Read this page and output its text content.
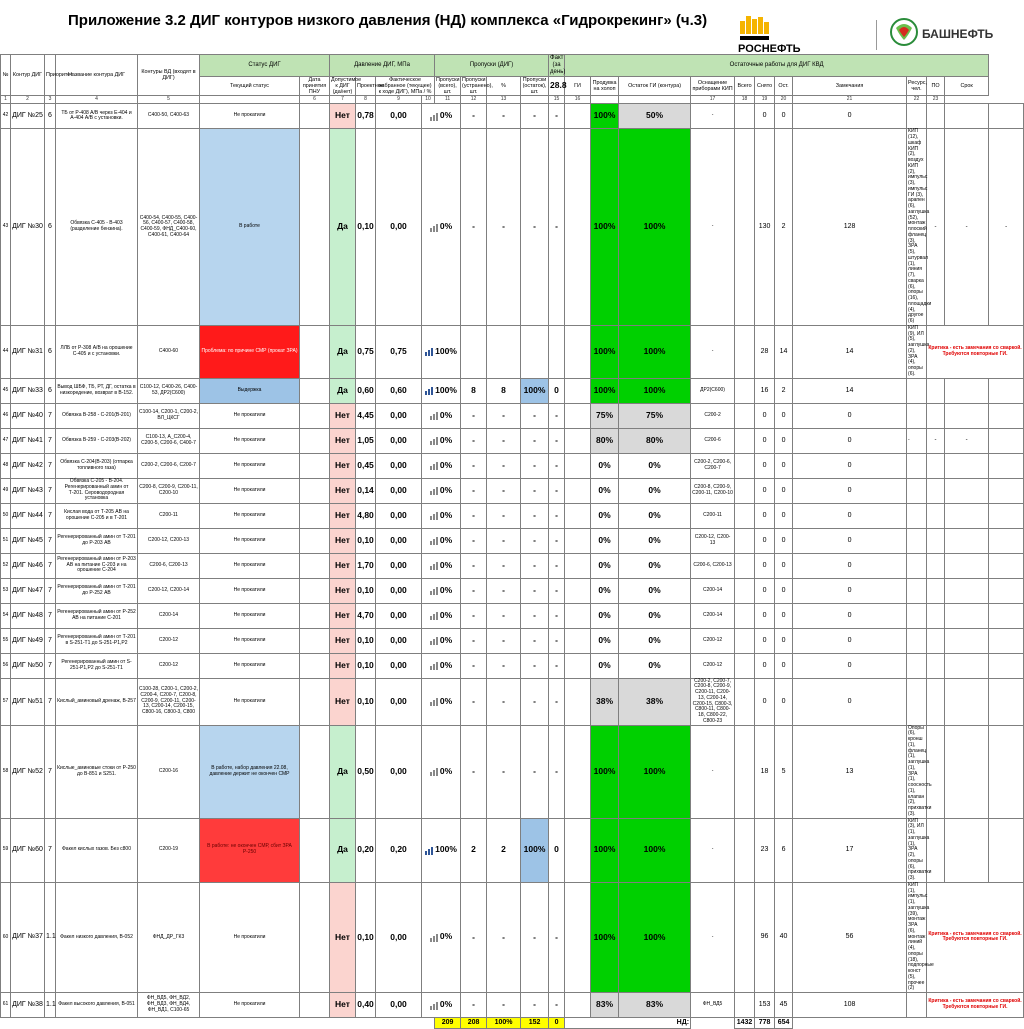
Приложение 3.2 ДИГ контуров низкого давления (НД) комплекса «Гидрокрекинг» (ч.3)
РОСНЕФТЬ
БАШНЕФТЬ
№	Контур ДИГ	Приоритет	Название контура ДИГ	Контуры ВД (входят в ДИГ)	Статус ДИГ		Давление ДИГ, МПа				Пропуски (ДИГ)				Факт (за день)	Остаточные работы для ДИГ КВД											
					Текущий статус	Дата принятия ПНУ	Допустимое к ДИГ (да/нет)	Проектное	Фактическое набранное (текущее) к ходе ДИГ), МПа / %		Пропуски (всего), шт.	Пропуски (устранено), шт.	%	Пропуски (остаток), шт.	28.8	ГИ	Продувка на холоп	Остаток ГИ (контура)	Оснащение приборами КИП	Всего	Снято	Ост.	Замечания	Ресурс, чел.	ПО	Срок	
1	2	3	4	5		6	7	8	9	10	11	12	13		15	16			17	18	19	20	21	22	23		
42	ДИГ №25	6	ТБ от Р-408 А/В через Е-404 и А-404 А/В с установки.	С400-50, С400-63	Не прокатили		Нет	0,78	0,00	0%		-	-	-	-		100%	50%	-		0	0	0				
43	ДИГ №30	6	Обвязка С-405 - В-403 (разделение бензина).	С400-54, С400-55, С400-56, С400-57, С400-58, С400-59, ФНД_С400-60, С400-61, С400-64	В работе		Да	0,10	0,00	0%		-	-	-	-		100%	100%	-		130	2	128	КИП (12), шкаф КИП (2), воздух КИП (2), импульс (3), импульс ГИ (3), арапен (6), заглушка (52), монтаж плоский фланец (3), ЗРА (5), штурвал (1), линия (7), сварка (6), опоры (16), площадки (4), другое (6)	-	-	-
44	ДИГ №31	6	ЛЛБ от Р-308 А/В на орошение С-405 и с установки.	С400-60	Проблема: по причине СМР (прокат ЗРА)		Да	0,75	0,75	100%							100%	100%	-		28	14	14	КИП (9), ИЛ (5), заглушка (2), ЗРА (4), опоры (6).	Критика - есть замечания со сваркой. Требуются повторные ГИ.		
45	ДИГ №33	6	Вывод ШБФ, ТБ, РТ, ДГ, остатка в низкоредение, возврат в В-152.	С100-12, С400-26, С400-53, ДР2(С600)	Выдержка		Да	0,60	0,60	100%		8	8	100%	0		100%	100%	ДР2(С600)		16	2	14				
46	ДИГ №40	7	Обвязка В-258 - С-201(В-201)	С100-14, С200-1, С200-2, ВЛ_ЦКСГ	Не прокатили		Нет	4,45	0,00	0%		-	-	-	-		75%	75%	С200-2		0	0	0				
47	ДИГ №41	7	Обвязка В-259 - С-203(В-202)	С100-13, А_С200-4, С200-5, С200-6, С400-7	Не прокатили		Нет	1,05	0,00	0%		-	-	-	-		80%	80%	С200-6		0	0	0	-	-	-	
48	ДИГ №42	7	Обвязка С-204(В-203) (отпарка топливного газа)	С200-2, С200-6, С200-7	Не прокатили		Нет	0,45	0,00	0%		-	-	-	-		0%	0%	С200-2, С200-6, С200-7		0	0	0				
49	ДИГ №43	7	Обвязка С-205 - В-204. Регенерированный амин от Т-201. Сероводородная установка	С200-8, С200-9, С200-11, С200-10	Не прокатили		Нет	0,14	0,00	0%		-	-	-	-		0%	0%	С200-8, С200-9, С200-11, С200-10		0	0	0				
50	ДИГ №44	7	Кислая вода от Т-205 АВ на орошение С-205 и в Т-201	С200-11	Не прокатили		Нет	4,80	0,00	0%		-	-	-	-		0%	0%	С200-11		0	0	0				
51	ДИГ №45	7	Регенерированный амин от Т-201 до Р-203 АВ	С200-12, С200-13	Не прокатили		Нет	0,10	0,00	0%		-	-	-	-		0%	0%	С200-12, С200-13		0	0	0				
52	ДИГ №46	7	Регенерированный амин от Р-203 АВ на питание С-203 и на орошение С-204	С200-6, С200-13	Не прокатили		Нет	1,70	0,00	0%		-	-	-	-		0%	0%	С200-6, С200-13		0	0	0				
53	ДИГ №47	7	Регенерированный амин от Т-201 до Р-252 АВ	С200-12, С200-14	Не прокатили		Нет	0,10	0,00	0%		-	-	-	-		0%	0%	С200-14		0	0	0				
54	ДИГ №48	7	Регенерированный амин от Р-252 АВ на питание С-201	С200-14	Не прокатили		Нет	4,70	0,00	0%		-	-	-	-		0%	0%	С200-14		0	0	0				
55	ДИГ №49	7	Регенерированный амин от Т-201 в S-251-Т1 до S-251-Р1,Р2	С200-12	Не прокатили		Нет	0,10	0,00	0%		-	-	-	-		0%	0%	С200-12		0	0	0				
56	ДИГ №50	7	Регенерированный амин от S-251-Р1,Р2 до S-251-Т1	С200-12	Не прокатили		Нет	0,10	0,00	0%		-	-	-	-		0%	0%	С200-12		0	0	0				
57	ДИГ №51	7	Кислый_аминовый дренаж, В-257	С100-28, С200-1, С200-2, С200-4, С200-7, С200-8, С200-9, С200-11, С200-13, С200-14, С200-15, С800-16, С800-3, С800	Не прокатили		Нет	0,10	0,00	0%		-	-	-	-		38%	38%	С200-2, С200-7, С200-8, С200-9, С200-11, С200-13, С200-14, С200-15, С800-3, С800-11, С800-18, С800-22, С800-23		0	0	0				
58	ДИГ №52	7	Кислые_аминовые стоки от Р-250 до В-851 и S251.	С200-16	В работе, набор давления 22.08, давление держит не окончен СМР		Да	0,50	0,00	0%		-	-	-	-		100%	100%	-		18	5	13	Опоры (6), кронш (1), фланец (1), заглушка (1), ЗРА (1), соосность (1), клапан (2), прихватки (3).			
59	ДИГ №60	7	Факел кислых газов. Без с800	С200-19	В работе: не окончен СМР, сбит ЗРА Р-250		Да	0,20	0,20	100%		2	2	100%	0		100%	100%	-		23	6	17	КИП (3), ИЛ (1), заглушка (1), ЗРА (2), опоры (6), прихватки (3).			
60	ДИГ №37	1.1	Факел низкого давления, В-052	ФНД_ДР_ГК3	Не прокатили		Нет	0,10	0,00	0%		-	-	-	-		100%	100%	-		96	40	56	КИП (1), импульс (1), заглушка (39), монтаж ЗРА (6), монтаж линий (4), опоры (18), подпорные конст (5), прочее (2)	Критика - есть замечания со сваркой. Требуются повторные ГИ.		
61	ДИГ №38	1.1	Факел высокого давления, В-051	ФН_ВД5, ФН_ВД2, ФН_ВД3, ФН_ВД4, ФН_ВД1, С100-65	Не прокатили		Нет	0,40	0,00	0%		-	-	-	-		83%	83%	ФН_ВД5		153	45	108		Критика - есть замечания со сваркой. Требуются повторные ГИ.		
											209	208	100%	152	0	НД:				1432	778	654					
